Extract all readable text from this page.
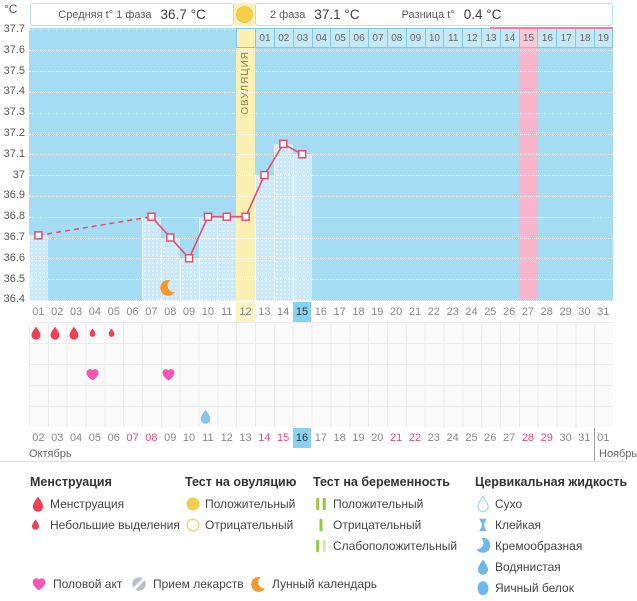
°C	Средняя t° 1 фаза 36.7 °C	2 фаза 37.1 °C	Разница t° 0.4 °C
36.4
36.5
36.6
36.7
36.8
36.9
37
37.1
37.2
37.3
37.4
37.5
37.6
37.7
ОВУЛЯЦИЯ
01 02 03 04 05 06 07 08 09 10 11 12 13 14 15 16 17 18 19
01 02 03 04 05 06 07 08 09 10 11 12 13 14 15 16 17 18 19 20 21 22 23 24 25 26 27 28 29 30 31
02 03 04 05 06 07 08 09 10 11 12 13 14 15 16 17 18 19 20 21 22 23 24 25 26 27 28 29 30 31 01
Октябрь	Ноябрь
Менструация
Менструация
Небольшие выделения
Тест на овуляцию
Положительный
Отрицательный
Тест на беременность
Положительный
Отрицательный
Слабоположительный
Цервикальная жидкость
Сухо
Клейкая
Кремообразная
Водянистая
Яичный белок
Половой акт	Прием лекарств Лунный календарь
